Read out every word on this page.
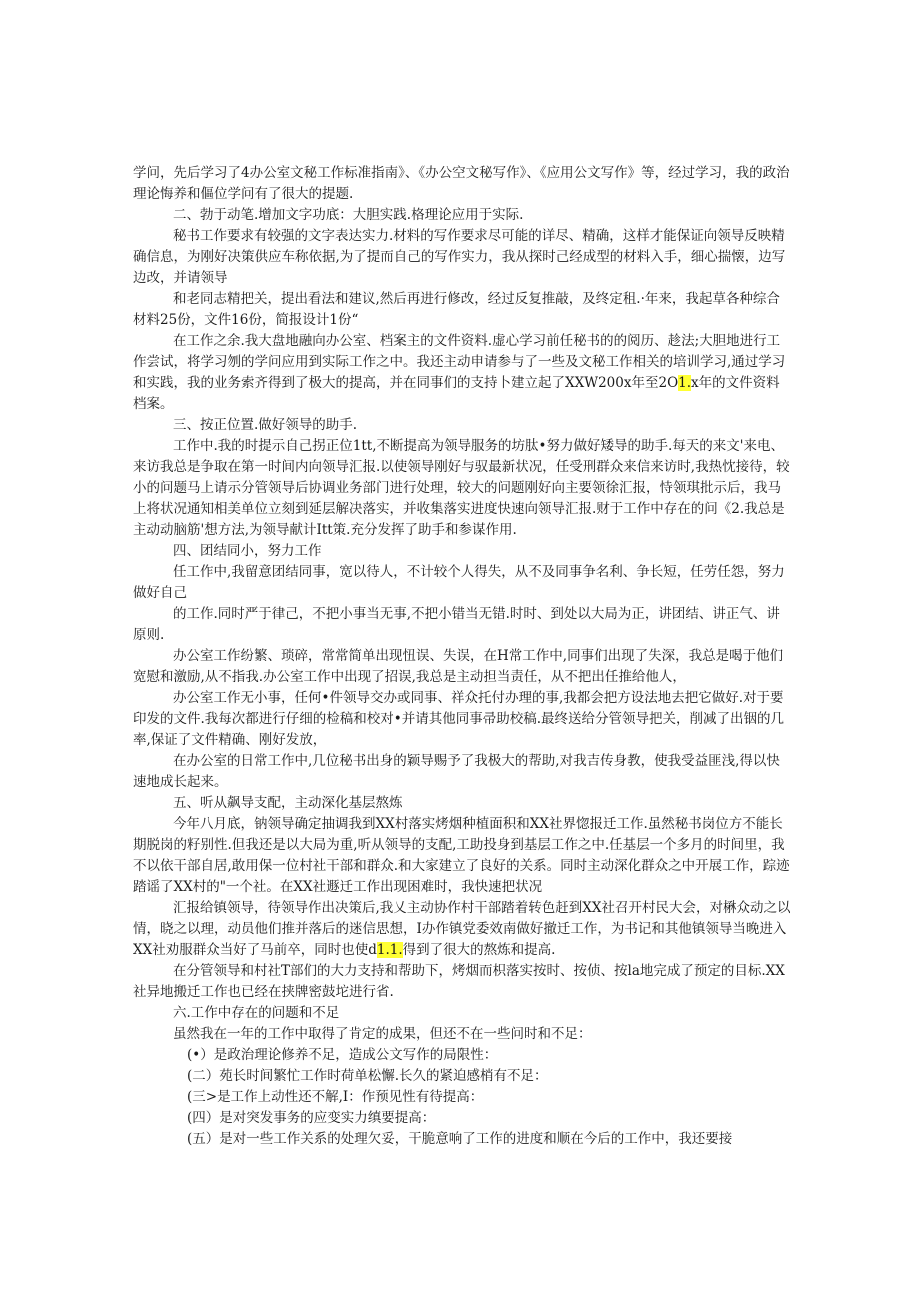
学问，先后学习了4办公室文秘工作标准指南》、《办公空文秘写作》、《应用公文写作》等，经过学习，我的政治理论悔养和傴位学问有了很大的提题.

二、勃于动笔.增加文字功底：大胆实践.格理论应用于实际.

秘书工作要求有较强的文字表达实力.材料的写作要求尽可能的详尽、精确，这样才能保证向领导反映精确信息，为刚好决策供应车称依据,为了提而自己的写作实力，我从探时己经成型的材料入手，细心揣懐，边写边改，并请领导

和老同志精把关，提出看法和建议,然后再进行修改，经过反复推敲，及终定租.·年来，我起草各种综合材料25份，文件16份，简报设计1份“

在工作之余.我大盘地融向办公室、档案主的文件资料.虚心学习前任秘书的的阅历、趁法;大胆地进行工作尝试，将学习刎的学问应用到实际工作之中。我还主动申请参与了一些及文秘工作相关的培训学习,通过学习和实践，我的业务索齐得到了极大的提高，并在同事们的支持卜建立起了XXW200x年至2O1.x年的文件资料档案。

三、按正位置.做好领导的助手.

工作中.我的时提示自己拐正位1tt,不断提高为领导服务的坊肽•努力做好矮导的助手.每天的来文'来电、来访我总是争取在第一时间内向领导汇报.以使领导刚好与驭最新状况，任受刑群众来信来访时,我热忱接待，较小的问题马上请示分管领导后协调业务部门进行处理，较大的问题刚好向主要领徐汇报，恃领琪批示后，我马上将状况通知相美单位立刻到延层解决落实，并收集落实进度快速向领导汇报.财于工作中存在的问《2.我总是主动动脑筋'想方法,为领导献计Itt策.充分发挥了助手和参谋作用.

四、团结同小，努力工作

任工作中,我留意团结同事，宽以待人，不计较个人得失，从不及同事争名利、争长短，任劳任怨，努力做好自己

的工作.同时严于律己，不把小事当无事,不把小错当无错.时时、到处以大局为正，讲团结、讲正气、讲原则.

办公室工作纷繁、琐碎，常常简单出现忸误、失误，在H常工作中,同事们出现了失深，我总是喝于他们宽慰和激励,从不指我.办公室工作中出现了招误,我总是主动担当责任，从不把出任推给他人，

办公室工作无小事，任何•件领导交办或同事、祥众托付办理的事,我都会把方设法地去把它做好.对于要印发的文件.我每次都进行仔细的检稿和校对•并请其他同事帚助校稿.最终送给分管领导把关，削减了出铟的几率,保证了文件精确、刚好发放，

在办公室的日常工作中,几位秘书出身的颖导赐予了我极大的帮助,对我吉传身教，使我受益匪浅,得以快速地成长起来。

五、听从飙导支配，主动深化基层熬炼

今年八月底，钠领导确定抽调我到XX村落实烤烟种植面积和XX社界惚报迁工作.虽然秘书岗位方不能长期脱岗的籽别性.但我还是以大局为重,听从领导的支配,工助投身到基层工作之中.任基层一个多月的时间里，我不以依干部自居,敢用保一位村社干部和群众.和大家建立了良好的关系。同时主动深化群众之中开展工作，踪迹踏谣了XX村的"一个社。在XX社遯迁工作出现困难时，我快速把状况

汇报给镇领导，待领导作出决策后,我乂主动协作村干部踏着转色赶到XX社召开村民大会，对楙众动之以情，晓之以理，动员他们推并落后的迷信思想，I办作镇党委效南做好撤迁工作，为书记和其他镇领导当晚进入XX社劝服群众当好了马前卒，同时也使d1.1.得到了很大的熬炼和提高.

在分管领导和村社T部们的大力支持和帮助下，烤烟而枳落实按时、按侦、按la地完成了预定的目标.XX社异地搬迁工作也已经在挟牌密鼓坨进行省.

六.工作中存在的问题和不足

虽然我在一年的工作中取得了肯定的成果，但还不在一些问时和不足：

(•）是政治理论修养不足，造成公文写作的局限性：

(二）苑长时间繁忙工作时荷单松懈.长久的紧迫感梢有不足：

(三>是工作上动性还不解,I：作预见性有待提高：

(四）是对突发事务的应变实力缜要提高：

(五）是对一些工作关系的处理欠妥，干脆意响了工作的进度和顺在今后的工作中，我还要接
